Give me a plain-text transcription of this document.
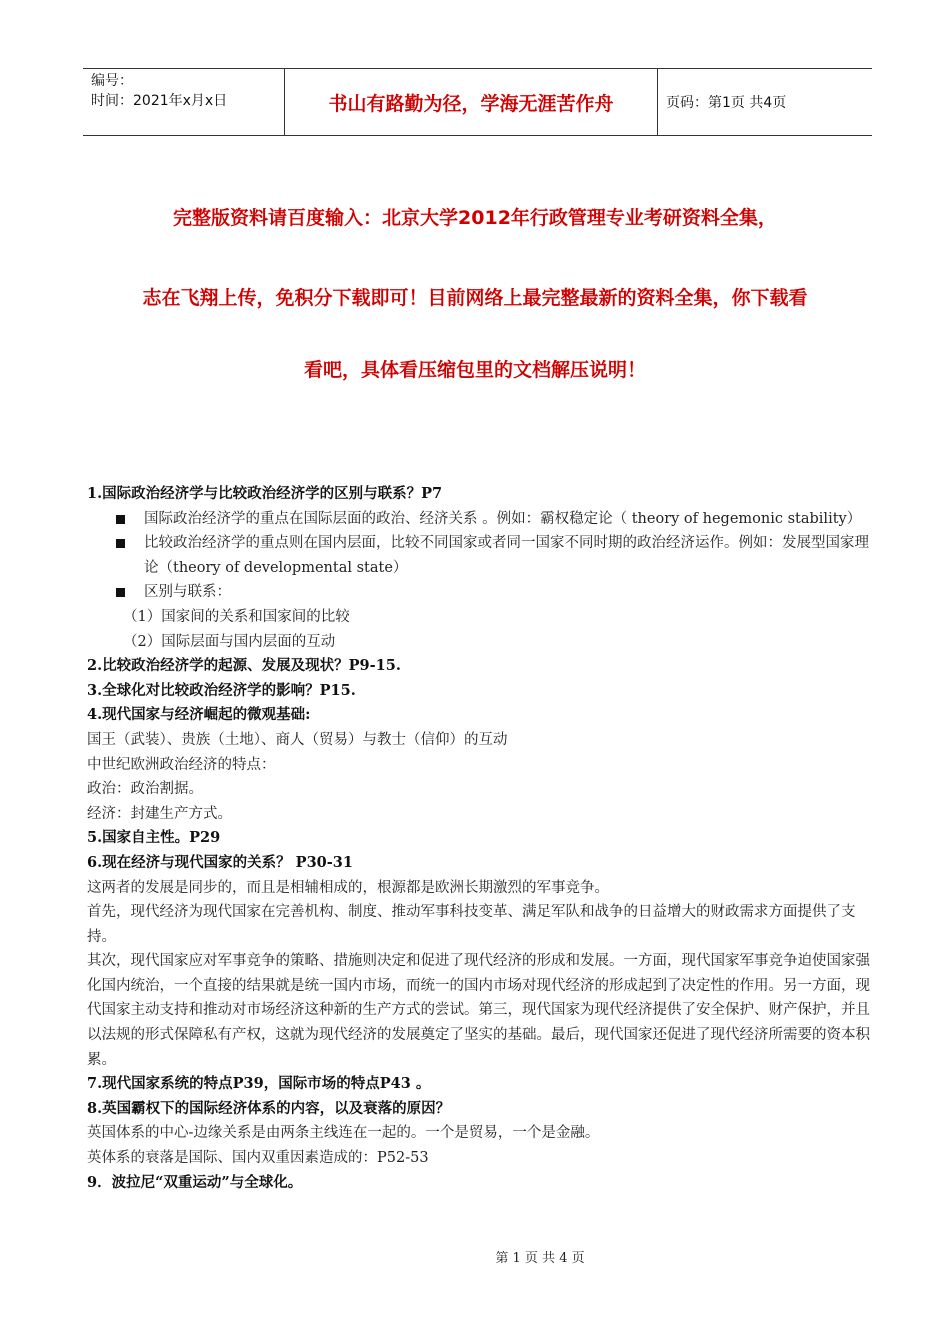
编号：
时间：2021年x月x日	书山有路勤为径，学海无涯苦作舟	页码：第1页 共4页
完整版资料请百度输入：北京大学2012年行政管理专业考研资料全集，
志在飞翔上传，免积分下载即可！目前网络上最完整最新的资料全集，你下载看
看吧，具体看压缩包里的文档解压说明！

1.国际政治经济学与比较政治经济学的区别与联系？P7

国际政治经济学的重点在国际层面的政治、经济关系 。例如：霸权稳定论（ theory of hegemonic stability）

比较政治经济学的重点则在国内层面，比较不同国家或者同一国家不同时期的政治经济运作。例如：发展型国家理论（theory of developmental state）

区别与联系：

（1）国家间的关系和国家间的比较

（2）国际层面与国内层面的互动

2.比较政治经济学的起源、发展及现状？P9-15.

3.全球化对比较政治经济学的影响？P15.

4.现代国家与经济崛起的微观基础:

国王（武装）、贵族（土地）、商人（贸易）与教士（信仰）的互动

中世纪欧洲政治经济的特点：

政治：政治割据。

经济：封建生产方式。

5.国家自主性。P29

6.现在经济与现代国家的关系？ P30-31

这两者的发展是同步的，而且是相辅相成的，根源都是欧洲长期激烈的军事竞争。

首先，现代经济为现代国家在完善机构、制度、推动军事科技变革、满足军队和战争的日益增大的财政需求方面提供了支持。

其次，现代国家应对军事竞争的策略、措施则决定和促进了现代经济的形成和发展。一方面，现代国家军事竞争迫使国家强化国内统治，一个直接的结果就是统一国内市场，而统一的国内市场对现代经济的形成起到了决定性的作用。另一方面，现代国家主动支持和推动对市场经济这种新的生产方式的尝试。第三，现代国家为现代经济提供了安全保护、财产保护，并且以法规的形式保障私有产权，这就为现代经济的发展奠定了坚实的基础。最后，现代国家还促进了现代经济所需要的资本积累。

7.现代国家系统的特点P39，国际市场的特点P43 。

8.英国霸权下的国际经济体系的内容，以及衰落的原因？

英国体系的中心-边缘关系是由两条主线连在一起的。一个是贸易，一个是金融。

英体系的衰落是国际、国内双重因素造成的：P52-53

9．波拉尼“双重运动”与全球化。

第 1 页 共 4 页
